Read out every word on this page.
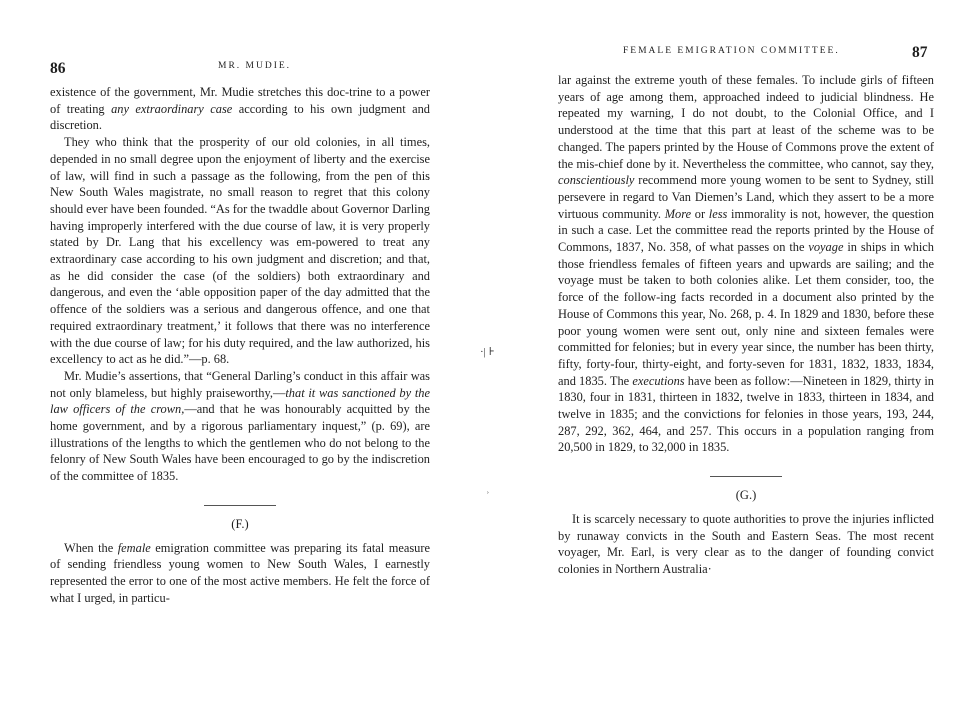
86	MR. MUDIE.

existence of the government, Mr. Mudie stretches this doc-trine to a power of treating any extraordinary case according to his own judgment and discretion.

They who think that the prosperity of our old colonies, in all times, depended in no small degree upon the enjoyment of liberty and the exercise of law, will find in such a passage as the following, from the pen of this New South Wales magistrate, no small reason to regret that this colony should ever have been founded. “As for the twaddle about Governor Darling having improperly interfered with the due course of law, it is very properly stated by Dr. Lang that his excellency was em-powered to treat any extraordinary case according to his own judgment and discretion; and that, as he did consider the case (of the soldiers) both extraordinary and dangerous, and even the ‘able opposition paper of the day admitted that the offence of the soldiers was a serious and dangerous offence, and one that required extraordinary treatment,’ it follows that there was no interference with the due course of law; for his duty required, and the law authorized, his excellency to act as he did.”—p. 68.

Mr. Mudie’s assertions, that “General Darling’s conduct in this affair was not only blameless, but highly praiseworthy,—that it was sanctioned by the law officers of the crown,—and that he was honourably acquitted by the home government, and by a rigorous parliamentary inquest,” (p. 69), are illustrations of the lengths to which the gentlemen who do not belong to the felonry of New South Wales have been encouraged to go by the indiscretion of the committee of 1835.

(F.)

When the female emigration committee was preparing its fatal measure of sending friendless young women to New South Wales, I earnestly represented the error to one of the most active members. He felt the force of what I urged, in particu-

·| ⊦
˒
FEMALE EMIGRATION COMMITTEE.	87

lar against the extreme youth of these females. To include girls of fifteen years of age among them, approached indeed to judicial blindness. He repeated my warning, I do not doubt, to the Colonial Office, and I understood at the time that this part at least of the scheme was to be changed. The papers printed by the House of Commons prove the extent of the mis-chief done by it. Nevertheless the committee, who cannot, say they, conscientiously recommend more young women to be sent to Sydney, still persevere in regard to Van Diemen’s Land, which they assert to be a more virtuous community. More or less immorality is not, however, the question in such a case. Let the committee read the reports printed by the House of Commons, 1837, No. 358, of what passes on the voyage in ships in which those friendless females of fifteen years and upwards are sailing; and the voyage must be taken to both colonies alike. Let them consider, too, the force of the follow-ing facts recorded in a document also printed by the House of Commons this year, No. 268, p. 4. In 1829 and 1830, before these poor young women were sent out, only nine and sixteen females were committed for felonies; but in every year since, the number has been thirty, fifty, forty-four, thirty-eight, and forty-seven for 1831, 1832, 1833, 1834, and 1835. The executions have been as follow:—Nineteen in 1829, thirty in 1830, four in 1831, thirteen in 1832, twelve in 1833, thirteen in 1834, and twelve in 1835; and the convictions for felonies in those years, 193, 244, 287, 292, 362, 464, and 257. This occurs in a population ranging from 20,500 in 1829, to 32,000 in 1835.

(G.)

It is scarcely necessary to quote authorities to prove the injuries inflicted by runaway convicts in the South and Eastern Seas. The most recent voyager, Mr. Earl, is very clear as to the danger of founding convict colonies in Northern Australia·
